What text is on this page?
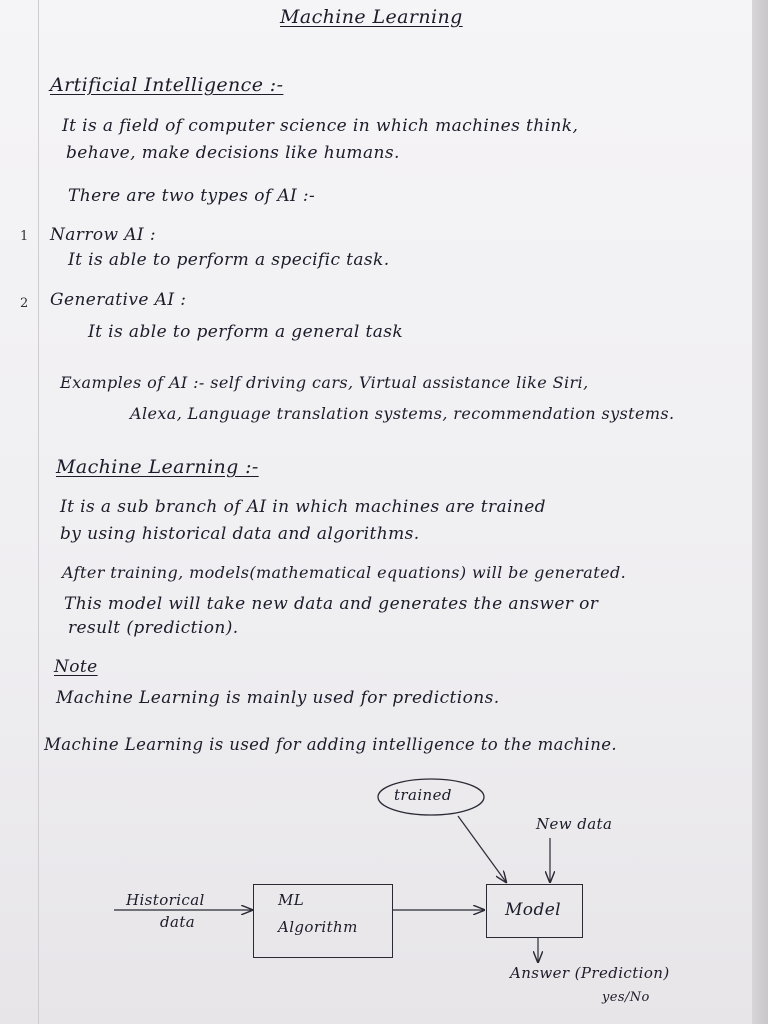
Machine Learning
Artificial Intelligence :-
It is a field of computer science in which machines think,
behave, make decisions like humans.
There are two types of AI :-
1 Narrow AI :
It is able to perform a specific task.
2 Generative AI :
It is able to perform a general task
Examples of AI :- self driving cars, Virtual assistance like Siri,
Alexa, Language translation systems, recommendation systems.
Machine Learning :-
It is a sub branch of AI in which machines are trained
by using historical data and algorithms.
After training, models(mathematical equations) will be generated.
This model will take new data and generates the answer or
result (prediction).
Note
Machine Learning is mainly used for predictions.
Machine Learning is used for adding intelligence to the machine.
trained
New data
Historical
data
ML
Algorithm
Model
Answer (Prediction)
yes/No
